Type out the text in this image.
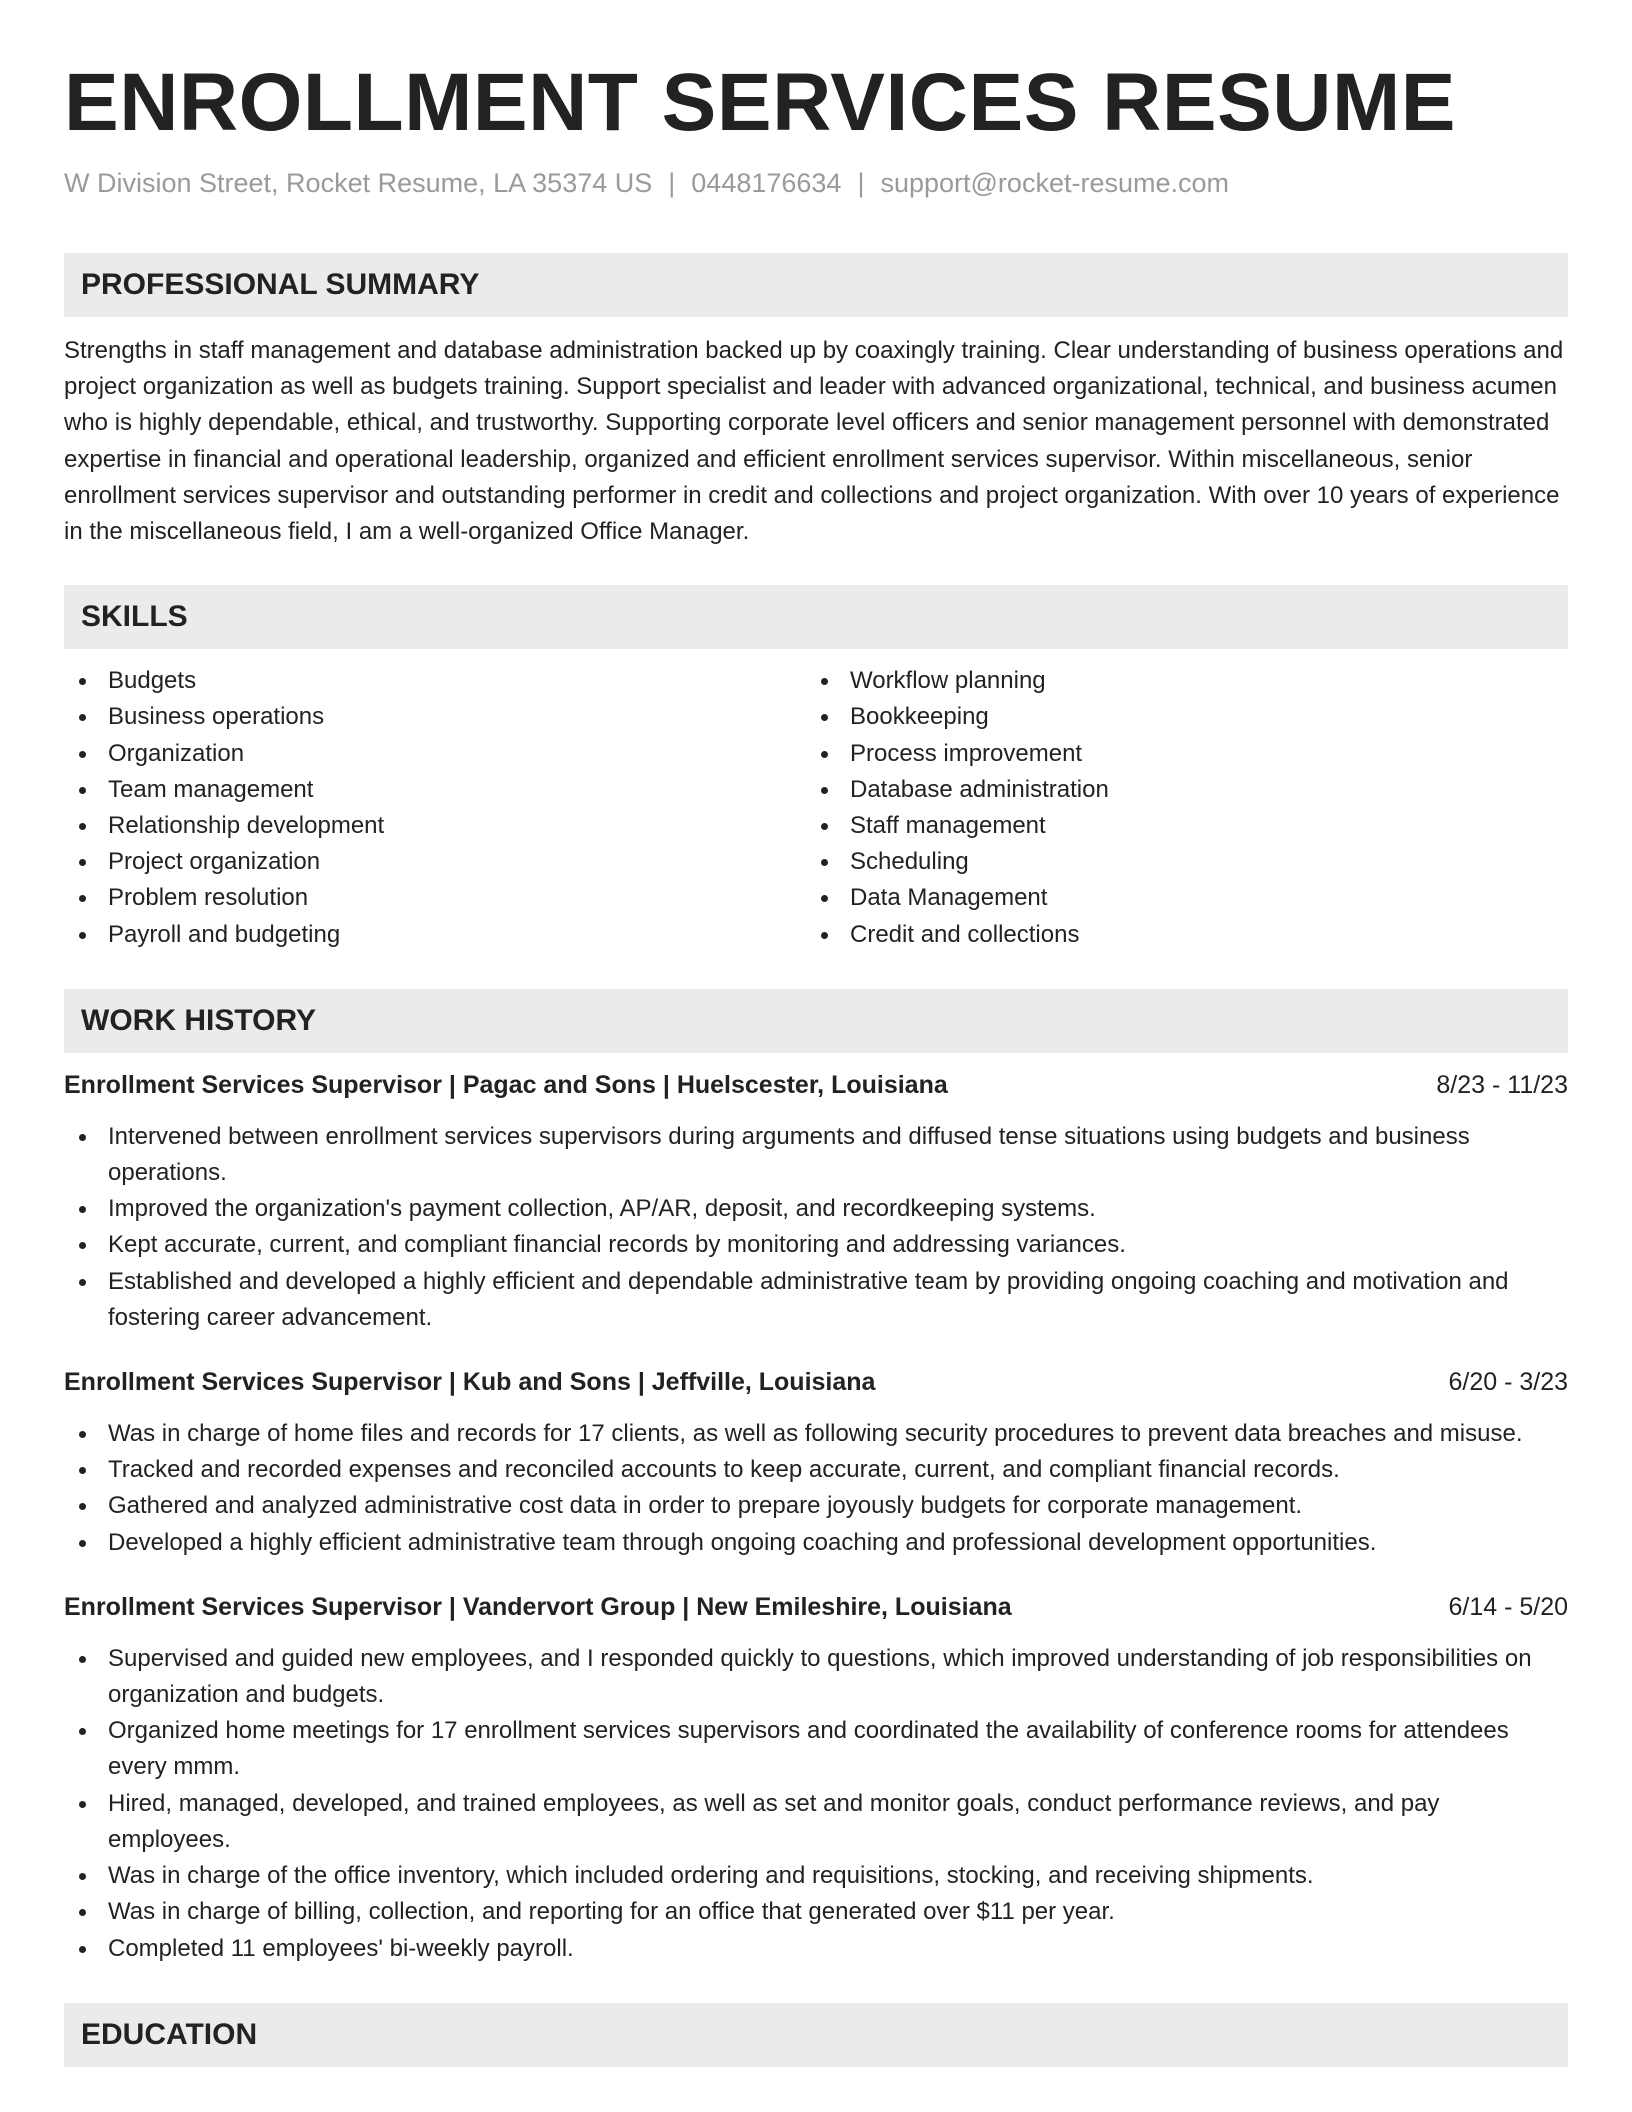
ENROLLMENT SERVICES RESUME
W Division Street, Rocket Resume, LA 35374 US | 0448176634 | support@rocket-resume.com
PROFESSIONAL SUMMARY
Strengths in staff management and database administration backed up by coaxingly training. Clear understanding of business operations and project organization as well as budgets training. Support specialist and leader with advanced organizational, technical, and business acumen who is highly dependable, ethical, and trustworthy. Supporting corporate level officers and senior management personnel with demonstrated expertise in financial and operational leadership, organized and efficient enrollment services supervisor. Within miscellaneous, senior enrollment services supervisor and outstanding performer in credit and collections and project organization. With over 10 years of experience in the miscellaneous field, I am a well-organized Office Manager.
SKILLS
Budgets
Business operations
Organization
Team management
Relationship development
Project organization
Problem resolution
Payroll and budgeting
Workflow planning
Bookkeeping
Process improvement
Database administration
Staff management
Scheduling
Data Management
Credit and collections
WORK HISTORY
Enrollment Services Supervisor | Pagac and Sons | Huelscester, Louisiana	8/23 - 11/23
Intervened between enrollment services supervisors during arguments and diffused tense situations using budgets and business operations.
Improved the organization's payment collection, AP/AR, deposit, and recordkeeping systems.
Kept accurate, current, and compliant financial records by monitoring and addressing variances.
Established and developed a highly efficient and dependable administrative team by providing ongoing coaching and motivation and fostering career advancement.
Enrollment Services Supervisor | Kub and Sons | Jeffville, Louisiana	6/20 - 3/23
Was in charge of home files and records for 17 clients, as well as following security procedures to prevent data breaches and misuse.
Tracked and recorded expenses and reconciled accounts to keep accurate, current, and compliant financial records.
Gathered and analyzed administrative cost data in order to prepare joyously budgets for corporate management.
Developed a highly efficient administrative team through ongoing coaching and professional development opportunities.
Enrollment Services Supervisor | Vandervort Group | New Emileshire, Louisiana	6/14 - 5/20
Supervised and guided new employees, and I responded quickly to questions, which improved understanding of job responsibilities on organization and budgets.
Organized home meetings for 17 enrollment services supervisors and coordinated the availability of conference rooms for attendees every mmm.
Hired, managed, developed, and trained employees, as well as set and monitor goals, conduct performance reviews, and pay employees.
Was in charge of the office inventory, which included ordering and requisitions, stocking, and receiving shipments.
Was in charge of billing, collection, and reporting for an office that generated over $11 per year.
Completed 11 employees' bi-weekly payroll.
EDUCATION
